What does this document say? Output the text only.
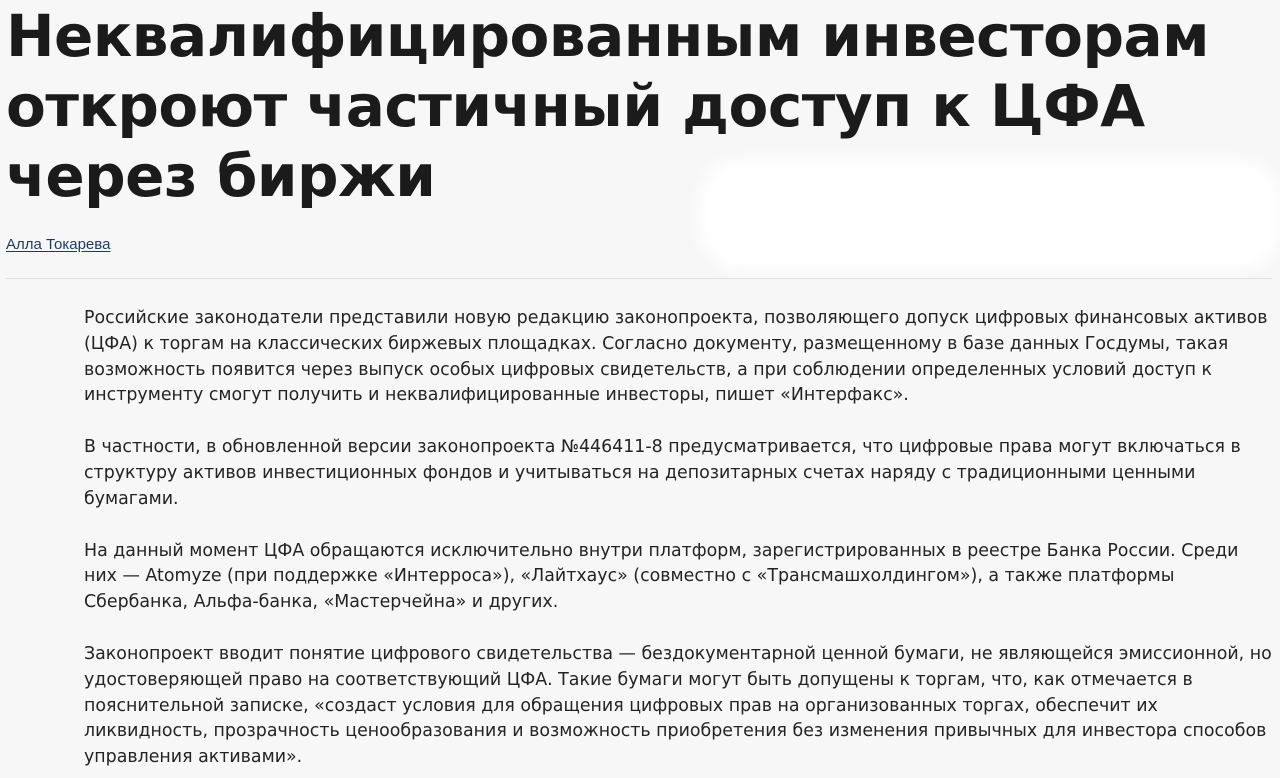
Неквалифицированным инвесторам откроют частичный доступ к ЦФА через биржи
Алла Токарева

Российские законодатели представили новую редакцию законопроекта, позволяющего допуск цифровых финансовых активов (ЦФА) к торгам на классических биржевых площадках. Согласно документу, размещенному в базе данных Госдумы, такая возможность появится через выпуск особых цифровых свидетельств, а при соблюдении определенных условий доступ к инструменту смогут получить и неквалифицированные инвесторы, пишет «Интерфакс».

В частности, в обновленной версии законопроекта №446411-8 предусматривается, что цифровые права могут включаться в структуру активов инвестиционных фондов и учитываться на депозитарных счетах наряду с традиционными ценными бумагами.

На данный момент ЦФА обращаются исключительно внутри платформ, зарегистрированных в реестре Банка России. Среди них — Atomyze (при поддержке «Интерроса»), «Лайтхаус» (совместно с «Трансмашхолдингом»), а также платформы Сбербанка, Альфа-банка, «Мастерчейна» и других.

Законопроект вводит понятие цифрового свидетельства — бездокументарной ценной бумаги, не являющейся эмиссионной, но удостоверяющей право на соответствующий ЦФА. Такие бумаги могут быть допущены к торгам, что, как отмечается в пояснительной записке, «создаст условия для обращения цифровых прав на организованных торгах, обеспечит их ликвидность, прозрачность ценообразования и возможность приобретения без изменения привычных для инвестора способов управления активами».
